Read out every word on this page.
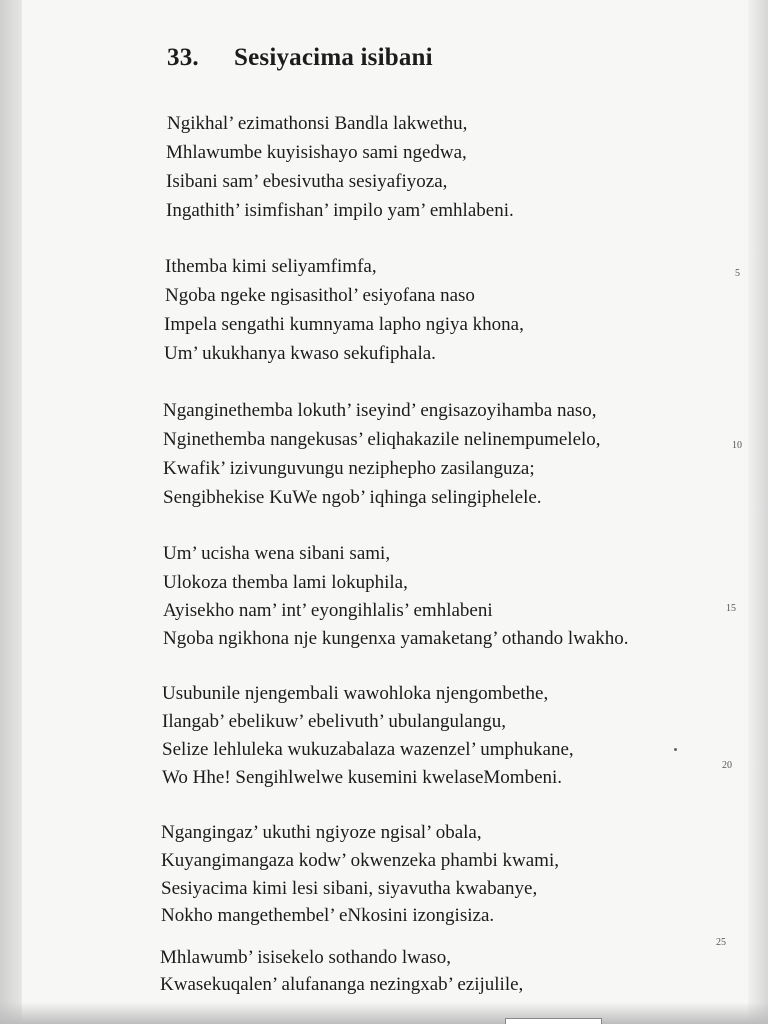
33. Sesiyacima isibani
Ngikhal’ ezimathonsi Bandla lakwethu,
Mhlawumbe kuyisishayo sami ngedwa,
Isibani sam’ ebesivutha sesiyafiyoza,
Ingathith’ isimfishan’ impilo yam’ emhlabeni.
Ithemba kimi seliyamfimfa,
Ngoba ngeke ngisasithol’ esiyofana naso
Impela sengathi kumnyama lapho ngiya khona,
Um’ ukukhanya kwaso sekufiphala.
Nganginethemba lokuth’ iseyind’ engisazoyihamba naso,
Nginethemba nangekusas’ eliqhakazile nelinempumelelo,
Kwafik’ izivunguvungu neziphepho zasilanguza;
Sengibhekise KuWe ngob’ iqhinga selingiphelele.
Um’ ucisha wena sibani sami,
Ulokoza themba lami lokuphila,
Ayisekho nam’ int’ eyongihlalis’ emhlabeni
Ngoba ngikhona nje kungenxa yamaketang’ othando lwakho.
Usubunile njengembali wawohloka njengombethe,
Ilangab’ ebelikuw’ ebelivuth’ ubulangulangu,
Selize lehluleka wukuzabalaza wazenzel’ umphukane,
Wo Hhe! Sengihlwelwe kusemini kwelaseMombeni.
Ngangingaz’ ukuthi ngiyoze ngisal’ obala,
Kuyangimangaza kodw’ okwenzeka phambi kwami,
Sesiyacima kimi lesi sibani, siyavutha kwabanye,
Nokho mangethembel’ eNkosini izongisiza.
Mhlawumb’ isisekelo sothando lwaso,
Kwasekuqalen’ alufananga nezingxab’ ezijulile,
5
10
15
20
25
